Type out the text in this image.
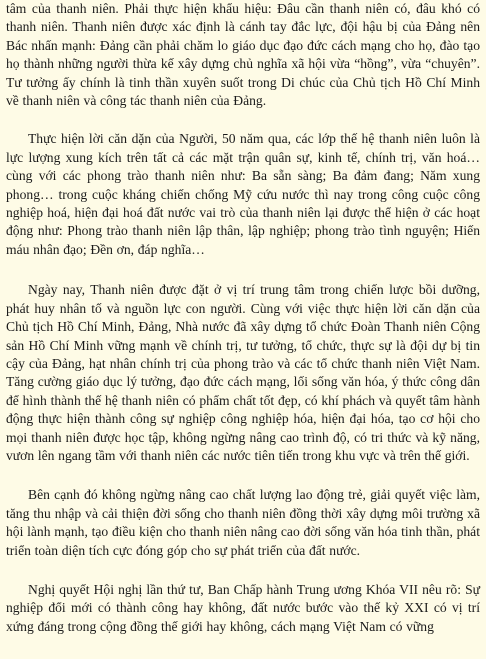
tâm của thanh niên. Phải thực hiện khẩu hiệu: Đâu cần thanh niên có, đâu khó có thanh niên. Thanh niên được xác định là cánh tay đắc lực, đội hậu bị của Đảng nên Bác nhấn mạnh: Đảng cần phải chăm lo giáo dục đạo đức cách mạng cho họ, đào tạo họ thành những người thừa kế xây dựng chủ nghĩa xã hội vừa “hồng”, vừa “chuyên”. Tư tưởng ấy chính là tinh thần xuyên suốt trong Di chúc của Chủ tịch Hồ Chí Minh về thanh niên và công tác thanh niên của Đảng.

Thực hiện lời căn dặn của Người, 50 năm qua, các lớp thế hệ thanh niên luôn là lực lượng xung kích trên tất cả các mặt trận quân sự, kinh tế, chính trị, văn hoá… cùng với các phong trào thanh niên như: Ba sẵn sàng; Ba đảm đang; Năm xung phong… trong cuộc kháng chiến chống Mỹ cứu nước thì nay trong công cuộc công nghiệp hoá, hiện đại hoá đất nước vai trò của thanh niên lại được thể hiện ở các hoạt động như: Phong trào thanh niên lập thân, lập nghiệp; phong trào tình nguyện; Hiến máu nhân đạo; Đền ơn, đáp nghĩa…

Ngày nay, Thanh niên được đặt ở vị trí trung tâm trong chiến lược bồi dưỡng, phát huy nhân tố và nguồn lực con người. Cùng với việc thực hiện lời căn dặn của Chủ tịch Hồ Chí Minh, Đảng, Nhà nước đã xây dựng tổ chức Đoàn Thanh niên Cộng sản Hồ Chí Minh vững mạnh về chính trị, tư tưởng, tổ chức, thực sự là đội dự bị tin cậy của Đảng, hạt nhân chính trị của phong trào và các tổ chức thanh niên Việt Nam. Tăng cường giáo dục lý tưởng, đạo đức cách mạng, lối sống văn hóa, ý thức công dân để hình thành thế hệ thanh niên có phẩm chất tốt đẹp, có khí phách và quyết tâm hành động thực hiện thành công sự nghiệp công nghiệp hóa, hiện đại hóa, tạo cơ hội cho mọi thanh niên được học tập, không ngừng nâng cao trình độ, có tri thức và kỹ năng, vươn lên ngang tầm với thanh niên các nước tiên tiến trong khu vực và trên thế giới.

Bên cạnh đó không ngừng nâng cao chất lượng lao động trẻ, giải quyết việc làm, tăng thu nhập và cải thiện đời sống cho thanh niên đồng thời xây dựng môi trường xã hội lành mạnh, tạo điều kiện cho thanh niên nâng cao đời sống văn hóa tinh thần, phát triển toàn diện tích cực đóng góp cho sự phát triển của đất nước.

Nghị quyết Hội nghị lần thứ tư, Ban Chấp hành Trung ương Khóa VII nêu rõ: Sự nghiệp đổi mới có thành công hay không, đất nước bước vào thế kỷ XXI có vị trí xứng đáng trong cộng đồng thế giới hay không, cách mạng Việt Nam có vững
